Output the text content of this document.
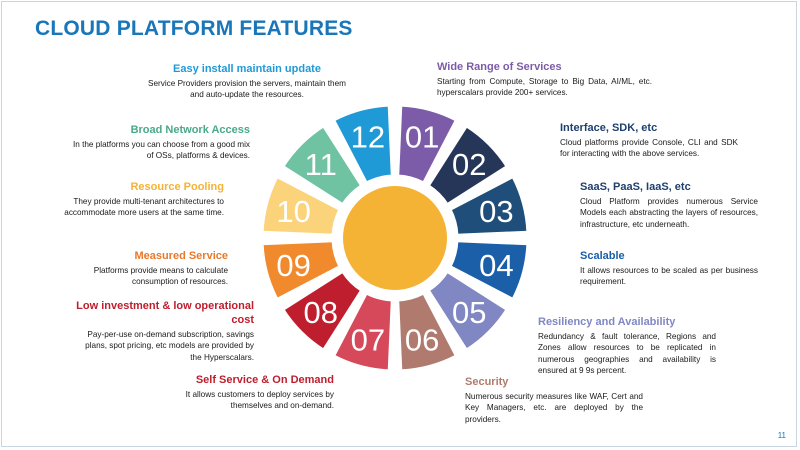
CLOUD PLATFORM FEATURES
01
02
03
04
05
06
07
08
09
10
11
12
Wide Range of Services
Starting from Compute, Storage to Big Data, AI/ML, etc. hyperscalars provide 200+ services.
Interface, SDK, etc
Cloud platforms provide Console, CLI and SDK for interacting with the above services.
SaaS, PaaS, IaaS, etc
Cloud Platform provides numerous Service Models each abstracting the layers of resources, infrastructure, etc underneath.
Scalable
It allows resources to be scaled as per business requirement.
Resiliency and Availability
Redundancy & fault tolerance, Regions and Zones allow resources to be replicated in numerous geographies and availability is ensured at 9 9s percent.
Security
Numerous security measures like WAF, Cert and Key Managers, etc. are deployed by the providers.
Self Service & On Demand
It allows customers to deploy services by themselves and on-demand.
Low investment & low operational cost
Pay-per-use on-demand subscription, savings plans, spot pricing, etc models are provided by the Hyperscalars.
Measured Service
Platforms provide means to calculate consumption of resources.
Resource Pooling
They provide multi-tenant architectures to accommodate more users at the same time.
Broad Network Access
In the platforms you can choose from a good mix of OSs, platforms & devices.
Easy install maintain update
Service Providers provision the servers, maintain them and auto-update the resources.
11
